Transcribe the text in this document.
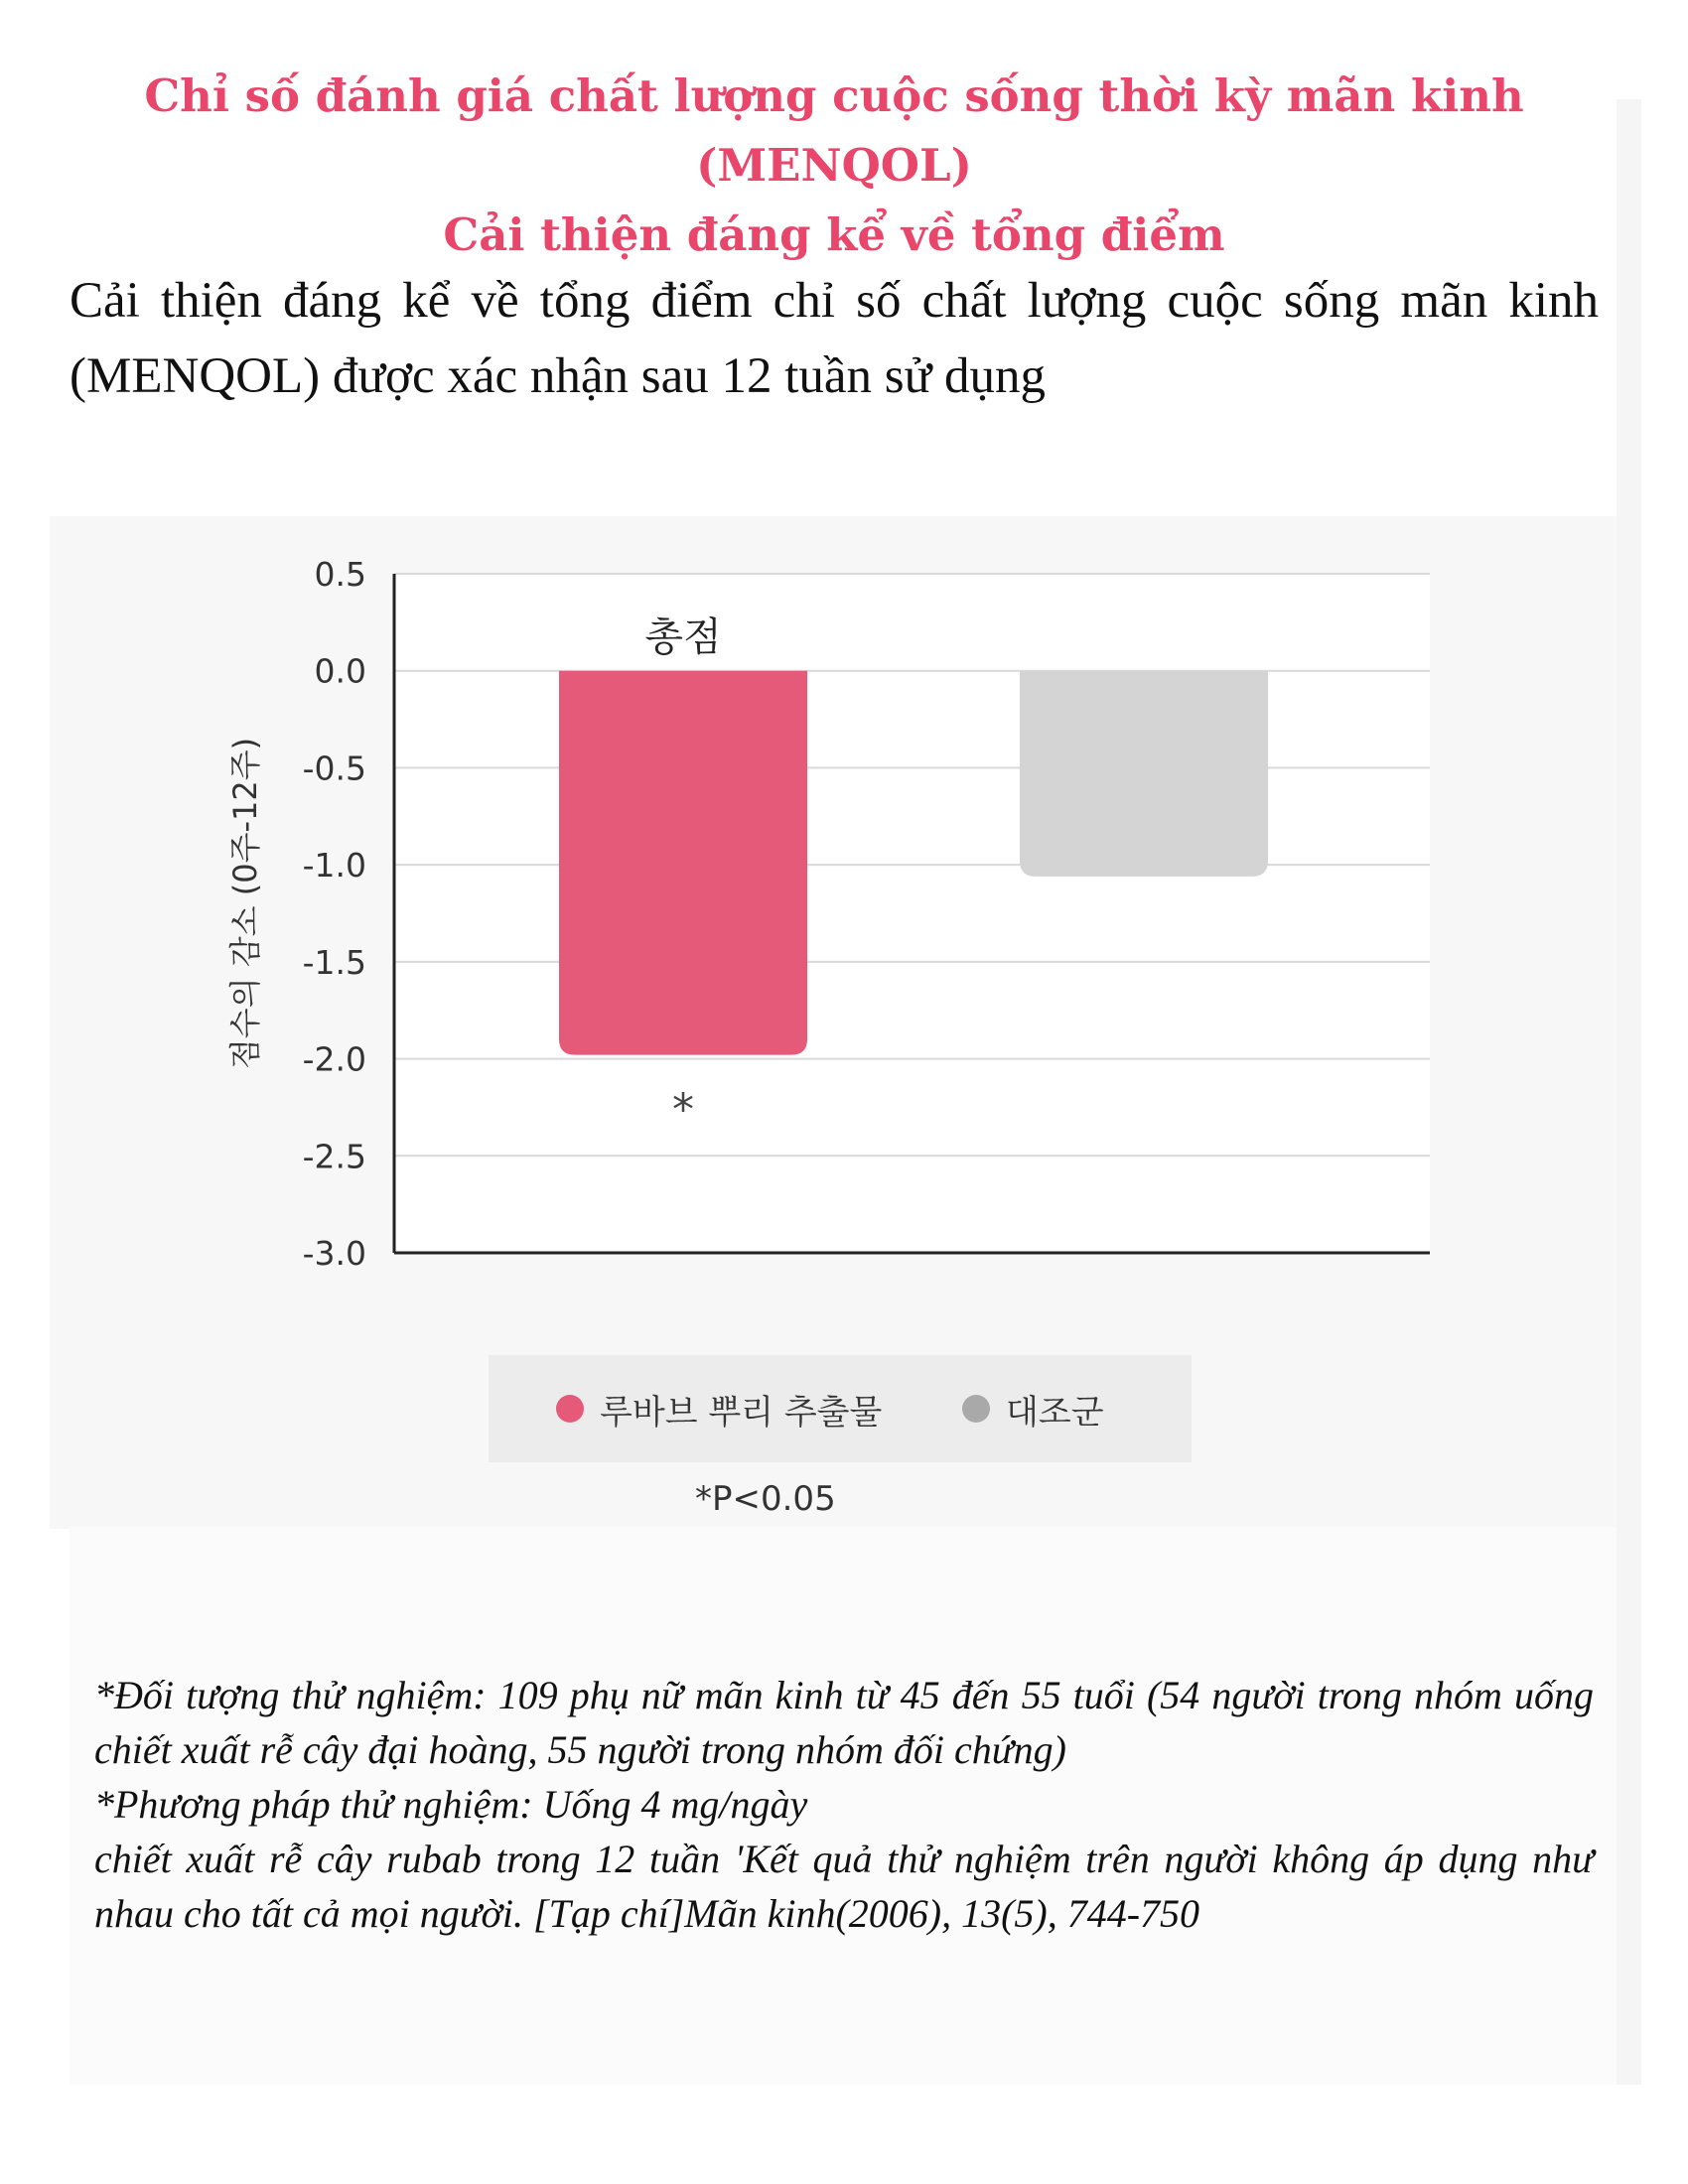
Chỉ số đánh giá chất lượng cuộc sống thời kỳ mãn kinh (MENQOL)
Cải thiện đáng kể về tổng điểm
Cải thiện đáng kể về tổng điểm chỉ số chất lượng cuộc sống mãn kinh (MENQOL) được xác nhận sau 12 tuần sử dụng
0.5
0.0
-0.5
-1.0
-1.5
-2.0
-2.5
-3.0
점수의 감소 (0주-12주)
*
총점
루바브 뿌리 추출물	대조군
*P<0.05
*Đối tượng thử nghiệm: 109 phụ nữ mãn kinh từ 45 đến 55 tuổi (54 người trong nhóm uống chiết xuất rễ cây đại hoàng, 55 người trong nhóm đối chứng)
*Phương pháp thử nghiệm: Uống 4 mg/ngày
chiết xuất rễ cây rubab trong 12 tuần 'Kết quả thử nghiệm trên người không áp dụng như nhau cho tất cả mọi người. [Tạp chí]Mãn kinh(2006), 13(5), 744-750
